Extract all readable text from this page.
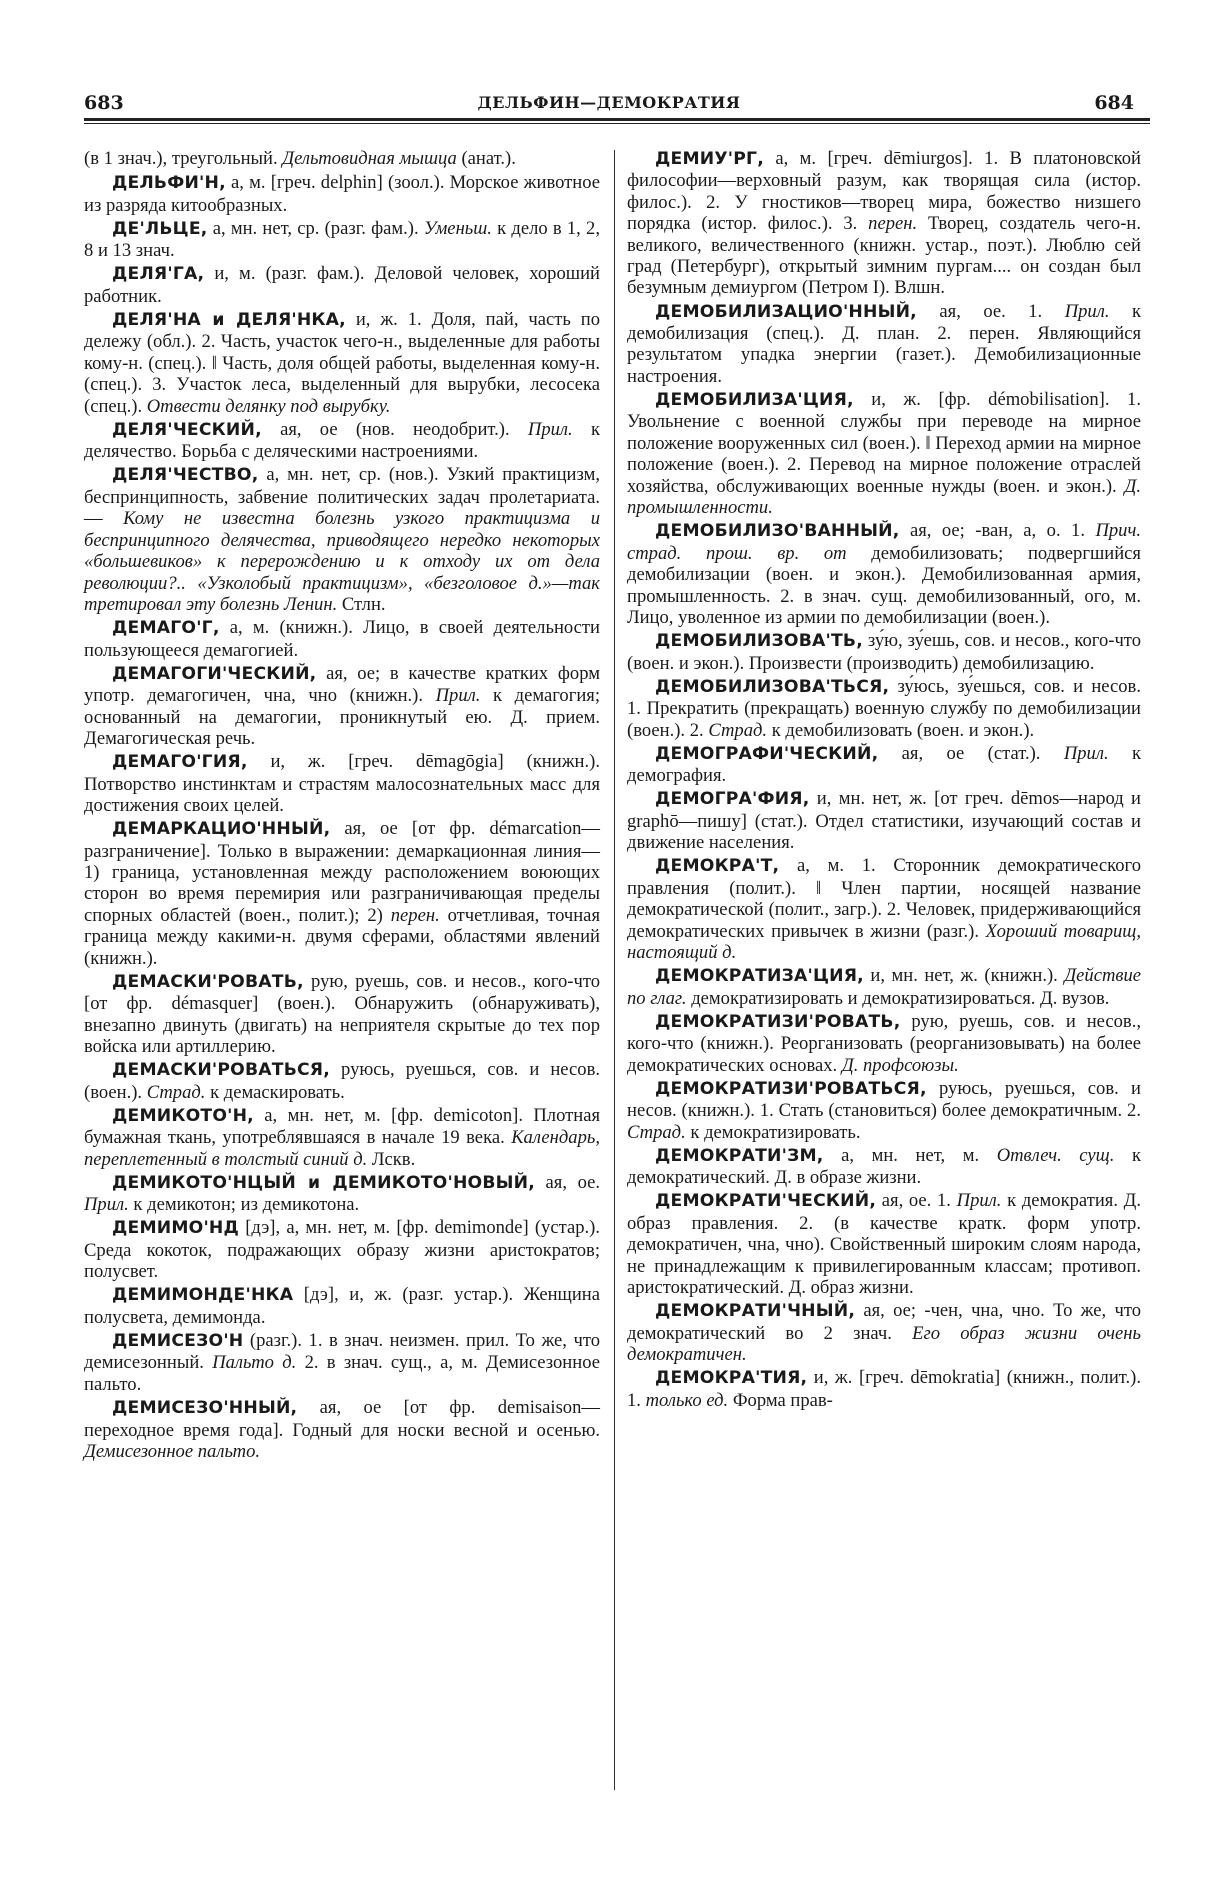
683	ДЕЛЬФИН—ДЕМОКРАТИЯ	684

(в 1 знач.), треугольный. Дельтовидная мышца (анат.).

ДЕЛЬФИ'Н, а, м. [греч. delphin] (зоол.). Морское животное из разряда китообразных.

ДЕ'ЛЬЦЕ, а, мн. нет, ср. (разг. фам.). Уменьш. к дело в 1, 2, 8 и 13 знач.

ДЕЛЯ'ГА, и, м. (разг. фам.). Деловой человек, хороший работник.

ДЕЛЯ'НА и ДЕЛЯ'НКА, и, ж. 1. Доля, пай, часть по дележу (обл.). 2. Часть, участок чего-н., выделенные для работы кому-н. (спец.). ‖ Часть, доля общей работы, выделенная кому-н. (спец.). 3. Участок леса, выделенный для вырубки, лесосека (спец.). Отвести делянку под вырубку.

ДЕЛЯ'ЧЕСКИЙ, ая, ое (нов. неодобрит.). Прил. к делячество. Борьба с деляческими настроениями.

ДЕЛЯ'ЧЕСТВО, а, мн. нет, ср. (нов.). Узкий практицизм, беспринципность, забвение политических задач пролетариата. — Кому не известна болезнь узкого практицизма и беспринципного делячества, приводящего нередко некоторых «большевиков» к перерождению и к отходу их от дела революции?.. «Узколобый практицизм», «безголовое д.»—так третировал эту болезнь Ленин. Стлн.

ДЕМАГО'Г, а, м. (книжн.). Лицо, в своей деятельности пользующееся демагогией.

ДЕМАГОГИ'ЧЕСКИЙ, ая, ое; в качестве кратких форм употр. демагогичен, чна, чно (книжн.). Прил. к демагогия; основанный на демагогии, проникнутый ею. Д. прием. Демагогическая речь.

ДЕМАГО'ГИЯ, и, ж. [греч. dēmagōgia] (книжн.). Потворство инстинктам и страстям малосознательных масс для достижения своих целей.

ДЕМАРКАЦИО'ННЫЙ, ая, ое [от фр. démarcation—разграничение]. Только в выражении: демаркационная линия—1) граница, установленная между расположением воюющих сторон во время перемирия или разграничивающая пределы спорных областей (воен., полит.); 2) перен. отчетливая, точная граница между какими-н. двумя сферами, областями явлений (книжн.).

ДЕМАСКИ'РОВАТЬ, рую, руешь, сов. и несов., кого-что [от фр. démasquer] (воен.). Обнаружить (обнаруживать), внезапно двинуть (двигать) на неприятеля скрытые до тех пор войска или артиллерию.

ДЕМАСКИ'РОВАТЬСЯ, руюсь, руешься, сов. и несов. (воен.). Страд. к демаскировать.

ДЕМИКОТО'Н, а, мн. нет, м. [фр. demicoton]. Плотная бумажная ткань, употреблявшаяся в начале 19 века. Календарь, переплетенный в толстый синий д. Лскв.

ДЕМИКОТО'НЦЫЙ и ДЕМИКОТО'НОВЫЙ, ая, ое. Прил. к демикотон; из демикотона.

ДЕМИМО'НД [дэ], а, мн. нет, м. [фр. demimonde] (устар.). Среда кокоток, подражающих образу жизни аристократов; полусвет.

ДЕМИМОНДЕ'НКА [дэ], и, ж. (разг. устар.). Женщина полусвета, демимонда.

ДЕМИСЕЗО'Н (разг.). 1. в знач. неизмен. прил. То же, что демисезонный. Пальто д. 2. в знач. сущ., а, м. Демисезонное пальто.

ДЕМИСЕЗО'ННЫЙ, ая, ое [от фр. demisaison—переходное время года]. Годный для носки весной и осенью. Демисезонное пальто.

ДЕМИУ'РГ, а, м. [греч. dēmiurgos]. 1. В платоновской философии—верховный разум, как творящая сила (истор. филос.). 2. У гностиков—творец мира, божество низшего порядка (истор. филос.). 3. перен. Творец, создатель чего-н. великого, величественного (книжн. устар., поэт.). Люблю сей град (Петербург), открытый зимним пургам.... он создан был безумным демиургом (Петром I). Влшн.

ДЕМОБИЛИЗАЦИО'ННЫЙ, ая, ое. 1. Прил. к демобилизация (спец.). Д. план. 2. перен. Являющийся результатом упадка энергии (газет.). Демобилизационные настроения.

ДЕМОБИЛИЗА'ЦИЯ, и, ж. [фр. démobilisation]. 1. Увольнение с военной службы при переводе на мирное положение вооруженных сил (воен.). ‖ Переход армии на мирное положение (воен.). 2. Перевод на мирное положение отраслей хозяйства, обслуживающих военные нужды (воен. и экон.). Д. промышленности.

ДЕМОБИЛИЗО'ВАННЫЙ, ая, ое; -ван, а, о. 1. Прич. страд. прош. вр. от демобилизовать; подвергшийся демобилизации (воен. и экон.). Демобилизованная армия, промышленность. 2. в знач. сущ. демобилизованный, ого, м. Лицо, уволенное из армии по демобилизации (воен.).

ДЕМОБИЛИЗОВА'ТЬ, зу́ю, зу́ешь, сов. и несов., кого-что (воен. и экон.). Произвести (производить) демобилизацию.

ДЕМОБИЛИЗОВА'ТЬСЯ, зу́юсь, зу́ешься, сов. и несов. 1. Прекратить (прекращать) военную службу по демобилизации (воен.). 2. Страд. к демобилизовать (воен. и экон.).

ДЕМОГРАФИ'ЧЕСКИЙ, ая, ое (стат.). Прил. к демография.

ДЕМОГРА'ФИЯ, и, мн. нет, ж. [от греч. dēmos—народ и graphō—пишу] (стат.). Отдел статистики, изучающий состав и движение населения.

ДЕМОКРА'Т, а, м. 1. Сторонник демократического правления (полит.). ‖ Член партии, носящей название демократической (полит., загр.). 2. Человек, придерживающийся демократических привычек в жизни (разг.). Хороший товарищ, настоящий д.

ДЕМОКРАТИЗА'ЦИЯ, и, мн. нет, ж. (книжн.). Действие по глаг. демократизировать и демократизироваться. Д. вузов.

ДЕМОКРАТИЗИ'РОВАТЬ, рую, руешь, сов. и несов., кого-что (книжн.). Реорганизовать (реорганизовывать) на более демократических основах. Д. профсоюзы.

ДЕМОКРАТИЗИ'РОВАТЬСЯ, руюсь, руешься, сов. и несов. (книжн.). 1. Стать (становиться) более демократичным. 2. Страд. к демократизировать.

ДЕМОКРАТИ'ЗМ, а, мн. нет, м. Отвлеч. сущ. к демократический. Д. в образе жизни.

ДЕМОКРАТИ'ЧЕСКИЙ, ая, ое. 1. Прил. к демократия. Д. образ правления. 2. (в качестве кратк. форм употр. демократичен, чна, чно). Свойственный широким слоям народа, не принадлежащим к привилегированным классам; противоп. аристократический. Д. образ жизни.

ДЕМОКРАТИ'ЧНЫЙ, ая, ое; -чен, чна, чно. То же, что демократический во 2 знач. Его образ жизни очень демократичен.

ДЕМОКРА'ТИЯ, и, ж. [греч. dēmokratia] (книжн., полит.). 1. только ед. Форма прав-
